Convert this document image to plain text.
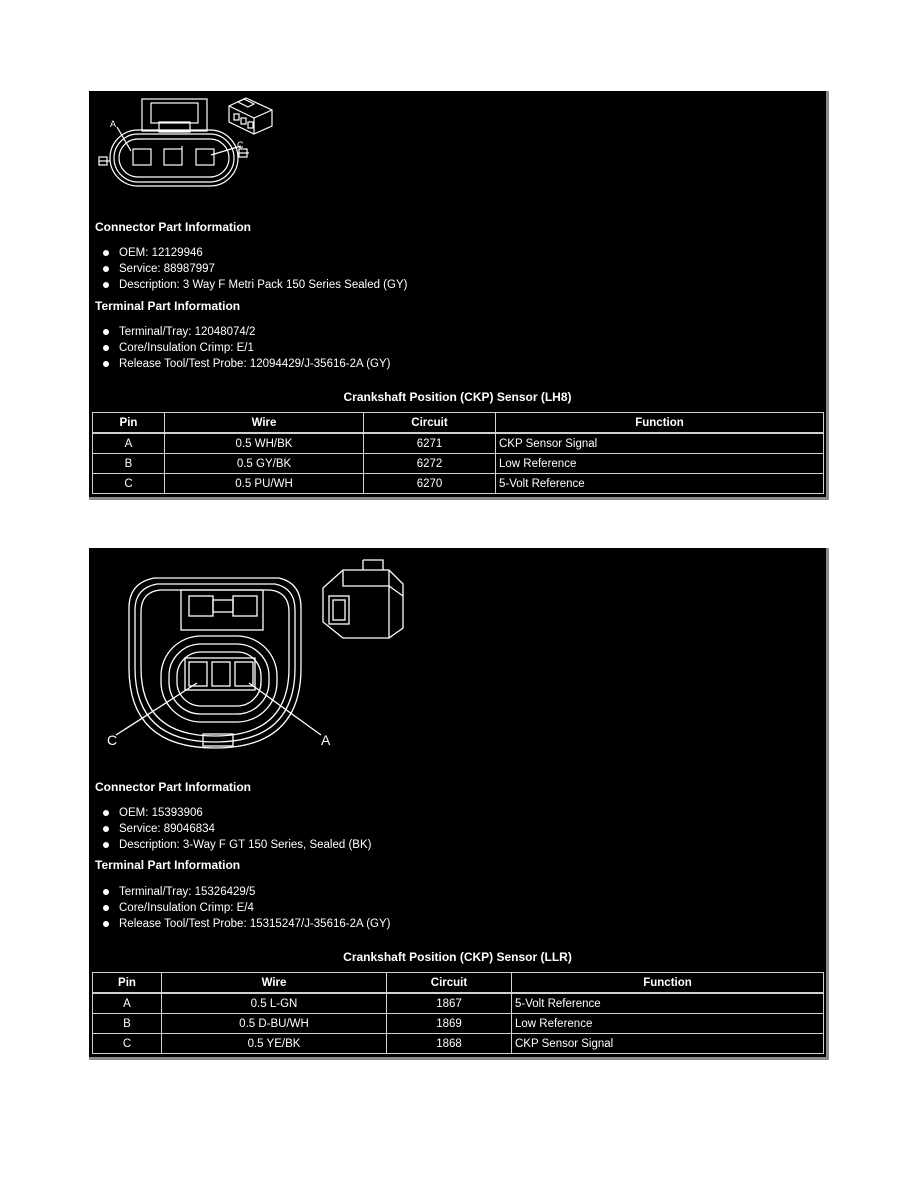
A
C
Connector Part Information
OEM: 12129946
Service: 88987997
Description: 3 Way F Metri Pack 150 Series Sealed (GY)
Terminal Part Information
Terminal/Tray: 12048074/2
Core/Insulation Crimp: E/1
Release Tool/Test Probe: 12094429/J-35616-2A (GY)
Crankshaft Position (CKP) Sensor (LH8)
Pin	Wire	Circuit	Function
A	0.5 WH/BK	6271	CKP Sensor Signal
B	0.5 GY/BK	6272	Low Reference
C	0.5 PU/WH	6270	5-Volt Reference
C	A
Connector Part Information
OEM: 15393906
Service: 89046834
Description: 3-Way F GT 150 Series, Sealed (BK)
Terminal Part Information
Terminal/Tray: 15326429/5
Core/Insulation Crimp: E/4
Release Tool/Test Probe: 15315247/J-35616-2A (GY)
Crankshaft Position (CKP) Sensor (LLR)
Pin	Wire	Circuit	Function
A	0.5 L-GN	1867	5-Volt Reference
B	0.5 D-BU/WH	1869	Low Reference
C	0.5 YE/BK	1868	CKP Sensor Signal
